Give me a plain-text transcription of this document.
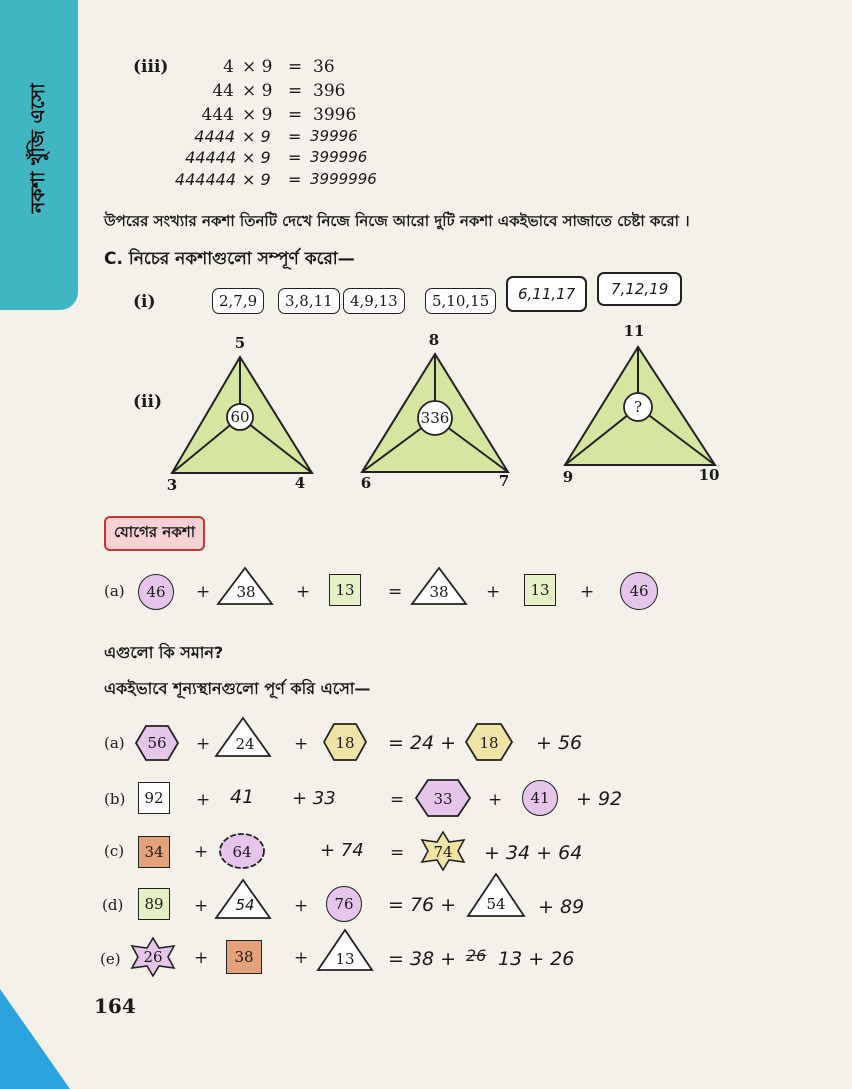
নকশা খুঁজি এসো
(iii)	4 × 9 = 36
44 × 9 = 396
444 × 9 = 3996
4444 × 9 = 39996
44444 × 9 = 399996
444444 × 9 = 3999996
উপরের সংখ্যার নকশা তিনটি দেখে নিজে নিজে আরো দুটি নকশা একইভাবে সাজাতে চেষ্টা করো ।
C. নিচের নকশাগুলো সম্পূর্ণ করো—
(i)	2,7,9	3,8,11	4,9,13	5,10,15	6,11,17	7,12,19
(ii)
60
5
3	4
336
8
6	7
?
11
9	10
যোগের নকশা
(a)	46	+ 38 +	13	= 38 +	13	+	46
এগুলো কি সমান?
একইভাবে শূন্যস্থানগুলো পূর্ণ করি এসো—
(a) 56 + 24 + 18 = 24 + 18 + 56
(b)	92	+ 41 + 33	= 33 +	41	+ 92
(c)	34	+ 64	+ 74 = 74 + 34 + 64
(d)	89	+ 54 +	76	= 76 + 54 + 89
(e) 26 +	38	+ 13 = 38 + 26 13 + 26
164
